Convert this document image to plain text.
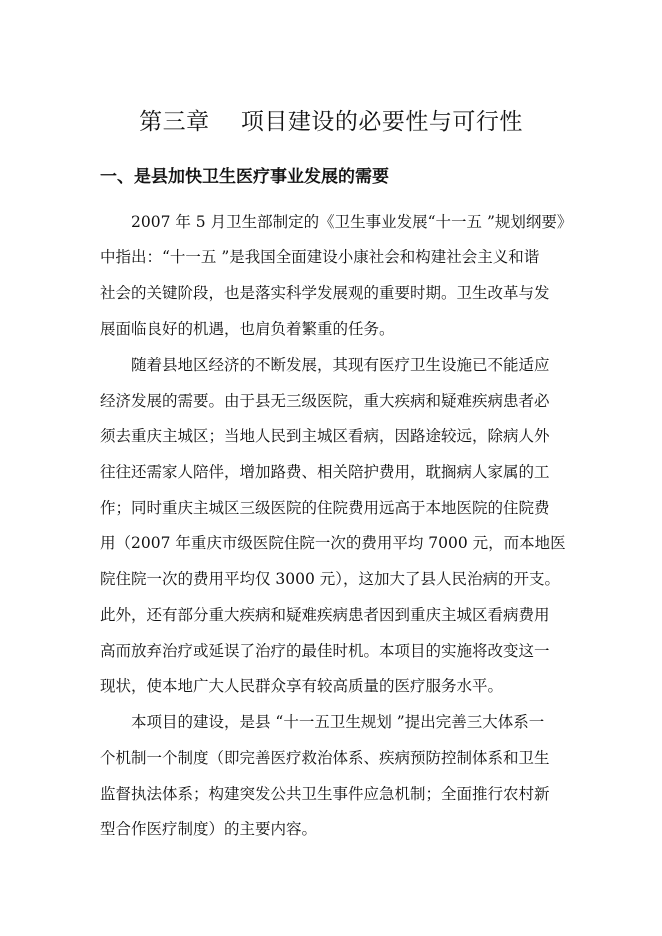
第三章    项目建设的必要性与可行性
一、是县加快卫生医疗事业发展的需要
2007 年 5 月卫生部制定的《卫生事业发展“十一五 ”规划纲要》
中指出：“十一五 ”是我国全面建设小康社会和构建社会主义和谐
社会的关键阶段，也是落实科学发展观的重要时期。卫生改革与发
展面临良好的机遇，也肩负着繁重的任务。
随着县地区经济的不断发展，其现有医疗卫生设施已不能适应
经济发展的需要。由于县无三级医院，重大疾病和疑难疾病患者必
须去重庆主城区；当地人民到主城区看病，因路途较远，除病人外
往往还需家人陪伴，增加路费、相关陪护费用，耽搁病人家属的工
作；同时重庆主城区三级医院的住院费用远高于本地医院的住院费
用（2007 年重庆市级医院住院一次的费用平均 7000 元，而本地医
院住院一次的费用平均仅 3000 元），这加大了县人民治病的开支。
此外，还有部分重大疾病和疑难疾病患者因到重庆主城区看病费用
高而放弃治疗或延误了治疗的最佳时机。本项目的实施将改变这一
现状，使本地广大人民群众享有较高质量的医疗服务水平。
本项目的建设，是县 “十一五卫生规划 ”提出完善三大体系一
个机制一个制度（即完善医疗救治体系、疾病预防控制体系和卫生
监督执法体系；构建突发公共卫生事件应急机制；全面推行农村新
型合作医疗制度）的主要内容。
